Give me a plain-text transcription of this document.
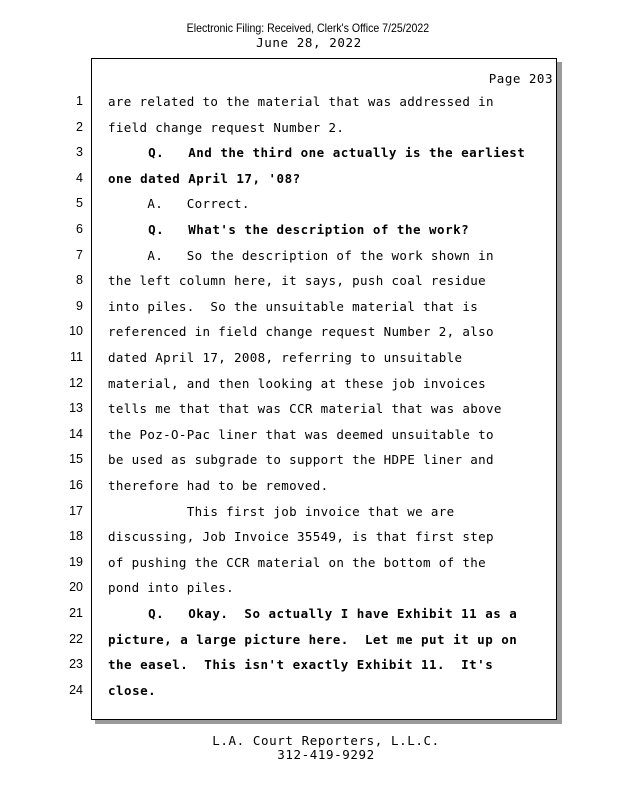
Electronic Filing: Received, Clerk's Office 7/25/2022
June 28, 2022
Page 203
1 are related to the material that was addressed in
2 field change request Number 2.
3 Q.   And the third one actually is the earliest
4 one dated April 17, '08?
5 A.   Correct.
6 Q.   What's the description of the work?
7 A.   So the description of the work shown in
8 the left column here, it says, push coal residue
9 into piles.  So the unsuitable material that is
10 referenced in field change request Number 2, also
11 dated April 17, 2008, referring to unsuitable
12 material, and then looking at these job invoices
13 tells me that that was CCR material that was above
14 the Poz-O-Pac liner that was deemed unsuitable to
15 be used as subgrade to support the HDPE liner and
16 therefore had to be removed.
17 This first job invoice that we are
18 discussing, Job Invoice 35549, is that first step
19 of pushing the CCR material on the bottom of the
20 pond into piles.
21 Q.   Okay.  So actually I have Exhibit 11 as a
22 picture, a large picture here.  Let me put it up on
23 the easel.  This isn't exactly Exhibit 11.  It's
24 close.
L.A. Court Reporters, L.L.C.
312-419-9292
